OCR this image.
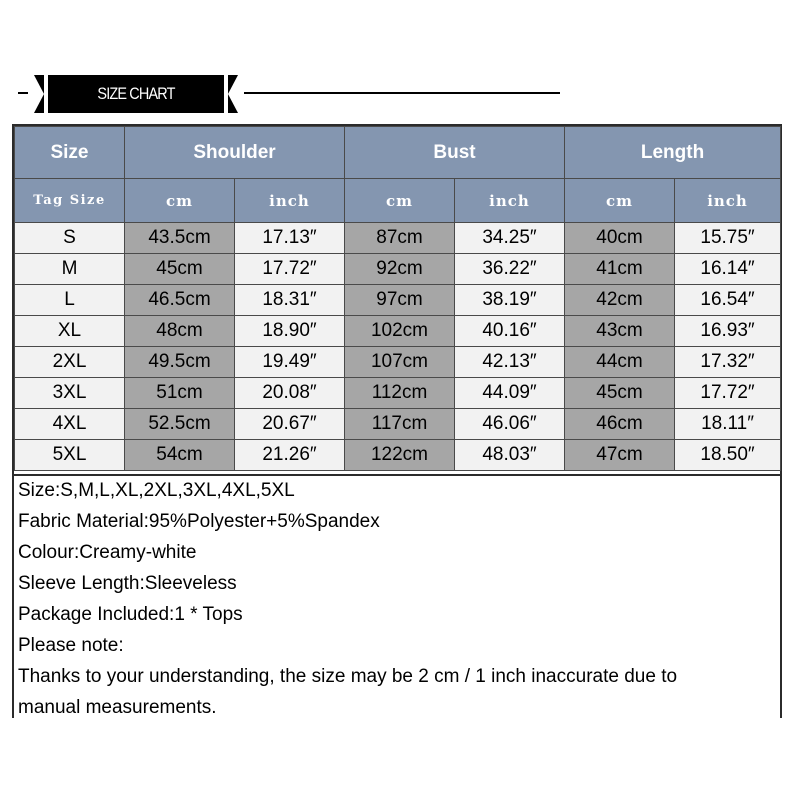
SIZE CHART
Size	Shoulder		Bust		Length	
Tag Size	cm	inch	cm	inch	cm	inch
S	43.5cm	17.13″	87cm	34.25″	40cm	15.75″
M	45cm	17.72″	92cm	36.22″	41cm	16.14″
L	46.5cm	18.31″	97cm	38.19″	42cm	16.54″
XL	48cm	18.90″	102cm	40.16″	43cm	16.93″
2XL	49.5cm	19.49″	107cm	42.13″	44cm	17.32″
3XL	51cm	20.08″	112cm	44.09″	45cm	17.72″
4XL	52.5cm	20.67″	117cm	46.06″	46cm	18.11″
5XL	54cm	21.26″	122cm	48.03″	47cm	18.50″
Size:S,M,L,XL,2XL,3XL,4XL,5XL
Fabric Material:95%Polyester+5%Spandex
Colour:Creamy-white
Sleeve Length:Sleeveless
Package Included:1 * Tops
Please note:
Thanks to your understanding, the size may be 2 cm / 1 inch inaccurate due to
manual measurements.
